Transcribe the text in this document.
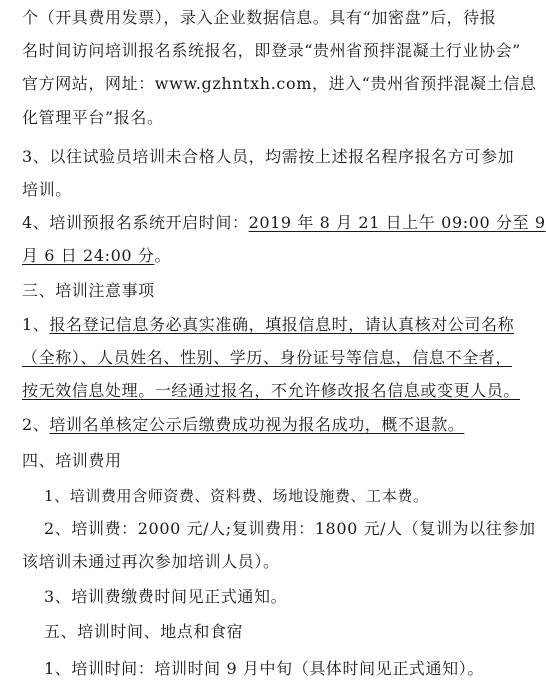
个（开具费用发票），录入企业数据信息。具有“加密盘”后，待报
名时间访问培训报名系统报名，即登录“贵州省预拌混凝土行业协会”
官方网站，网址：www.gzhntxh.com，进入“贵州省预拌混凝土信息
化管理平台”报名。
3、以往试验员培训未合格人员，均需按上述报名程序报名方可参加
培训。
4、培训预报名系统开启时间：2019 年 8 月 21 日上午 09:00 分至 9
月 6 日 24:00 分。
三、培训注意事项
1、报名登记信息务必真实准确，填报信息时，请认真核对公司名称
（全称）、人员姓名、性别、学历、身份证号等信息，信息不全者，
按无效信息处理。一经通过报名，不允许修改报名信息或变更人员。
2、培训名单核定公示后缴费成功视为报名成功，概不退款。
四、培训费用
1、培训费用含师资费、资料费、场地设施费、工本费。
2、培训费：2000 元/人;复训费用：1800 元/人（复训为以往参加
该培训未通过再次参加培训人员）。
3、培训费缴费时间见正式通知。
五、培训时间、地点和食宿
1、培训时间：培训时间 9 月中旬（具体时间见正式通知）。
